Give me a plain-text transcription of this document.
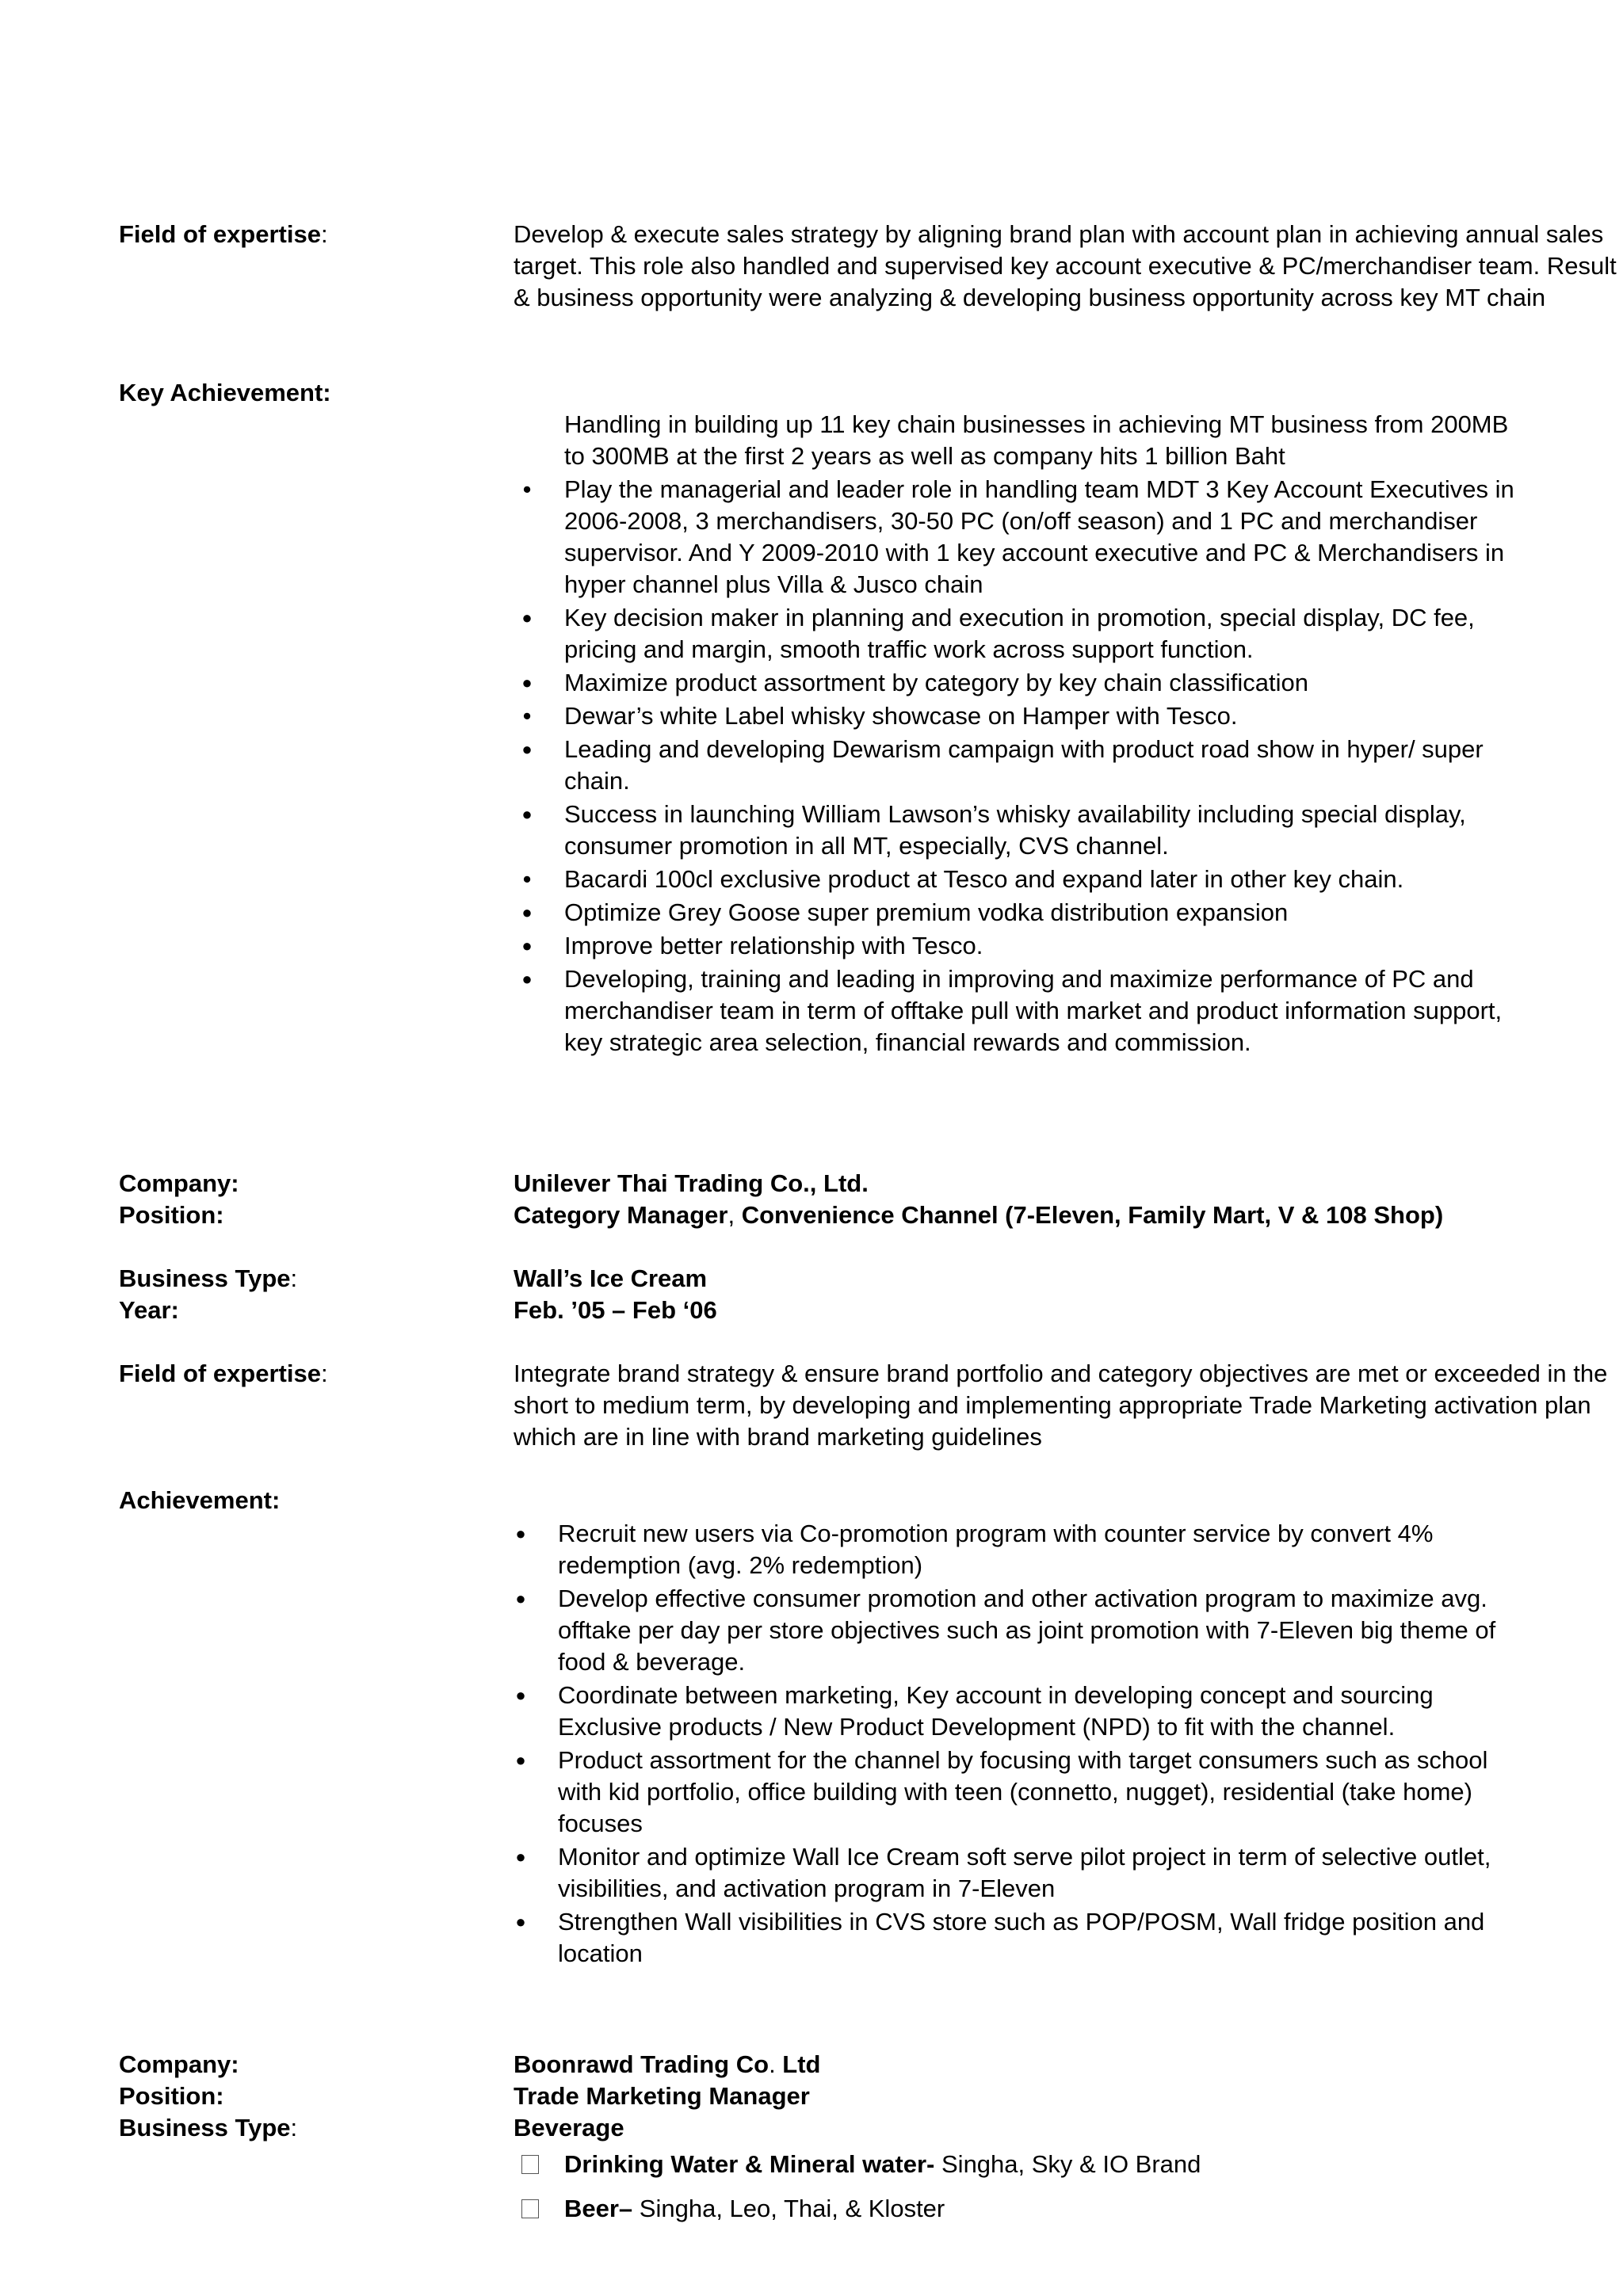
Field of expertise:	Develop & execute sales strategy by aligning brand plan with account plan in achieving annual sales target. This role also handled and supervised key account executive & PC/merchandiser team. Result & business opportunity were analyzing & developing business opportunity across key MT chain
Key Achievement:
Handling in building up 11 key chain businesses in achieving MT business from 200MB to 300MB at the first 2 years as well as company hits 1 billion Baht
•	Play the managerial and leader role in handling team MDT 3 Key Account Executives in 2006-2008, 3 merchandisers, 30-50 PC (on/off season) and 1 PC and merchandiser supervisor. And Y 2009-2010 with 1 key account executive and PC & Merchandisers in hyper channel plus Villa & Jusco chain
● Key decision maker in planning and execution in promotion, special display, DC fee, pricing and margin, smooth traffic work across support function.
● Maximize product assortment by category by key chain classification
•	Dewar’s white Label whisky showcase on Hamper with Tesco.
● Leading and developing Dewarism campaign with product road show in hyper/ super chain.
● Success in launching William Lawson’s whisky availability including special display, consumer promotion in all MT, especially, CVS channel.
•	Bacardi 100cl exclusive product at Tesco and expand later in other key chain.
● Optimize Grey Goose super premium vodka distribution expansion
● Improve better relationship with Tesco.
● Developing, training and leading in improving and maximize performance of PC and merchandiser team in term of offtake pull with market and product information support, key strategic area selection, financial rewards and commission.
Company:	Unilever Thai Trading Co., Ltd.
Position:	Category Manager, Convenience Channel (7-Eleven, Family Mart, V & 108 Shop)
Business Type:	Wall’s Ice Cream
Year:	Feb. ’05 – Feb ‘06
Field of expertise:	Integrate brand strategy & ensure brand portfolio and category objectives are met or exceeded in the short to medium term, by developing and implementing appropriate Trade Marketing activation plan which are in line with brand marketing guidelines
Achievement:
● Recruit new users via Co-promotion program with counter service by convert 4% redemption (avg. 2% redemption)
● Develop effective consumer promotion and other activation program to maximize avg. offtake per day per store objectives such as joint promotion with 7-Eleven big theme of food & beverage.
● Coordinate between marketing, Key account in developing concept and sourcing Exclusive products / New Product Development (NPD) to fit with the channel.
● Product assortment for the channel by focusing with target consumers such as school with kid portfolio, office building with teen (connetto, nugget), residential (take home) focuses
● Monitor and optimize Wall Ice Cream soft serve pilot project in term of selective outlet, visibilities, and activation program in 7-Eleven
● Strengthen Wall visibilities in CVS store such as POP/POSM, Wall fridge position and location
Company:	Boonrawd Trading Co. Ltd
Position:	Trade Marketing Manager
Business Type:	Beverage
Drinking Water & Mineral water- Singha, Sky & IO Brand
Beer– Singha, Leo, Thai, & Kloster
